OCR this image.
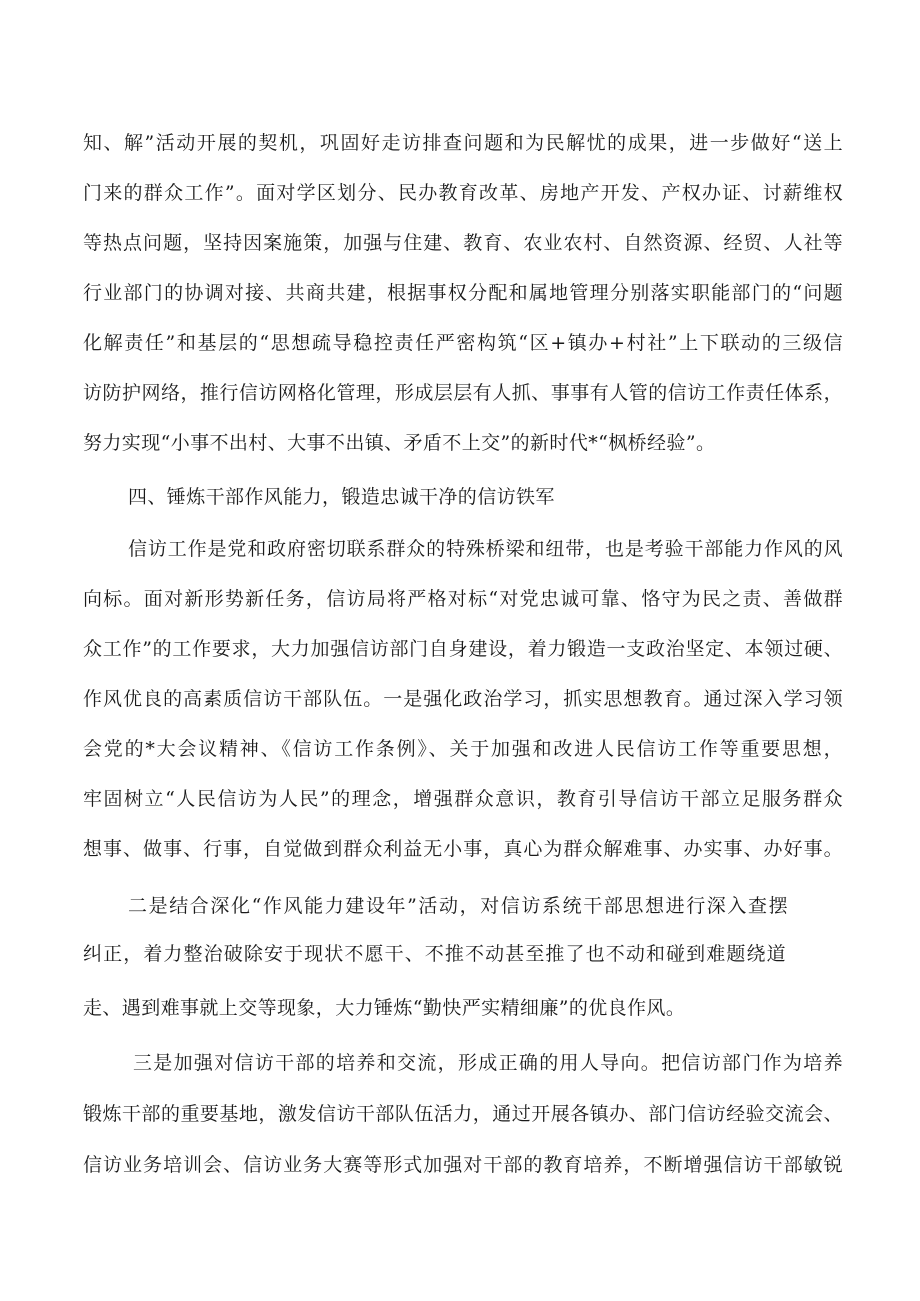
知、解”活动开展的契机，巩固好走访排查问题和为民解忧的成果，进一步做好“送上
门来的群众工作”。面对学区划分、民办教育改革、房地产开发、产权办证、讨薪维权
等热点问题，坚持因案施策，加强与住建、教育、农业农村、自然资源、经贸、人社等
行业部门的协调对接、共商共建，根据事权分配和属地管理分别落实职能部门的“问题
化解责任”和基层的“思想疏导稳控责任严密构筑“区+镇办+村社”上下联动的三级信
访防护网络，推行信访网格化管理，形成层层有人抓、事事有人管的信访工作责任体系，
努力实现“小事不出村、大事不出镇、矛盾不上交”的新时代*“枫桥经验”。
四、锤炼干部作风能力，锻造忠诚干净的信访铁军
信访工作是党和政府密切联系群众的特殊桥梁和纽带，也是考验干部能力作风的风
向标。面对新形势新任务，信访局将严格对标“对党忠诚可靠、恪守为民之责、善做群
众工作”的工作要求，大力加强信访部门自身建设，着力锻造一支政治坚定、本领过硬、
作风优良的高素质信访干部队伍。一是强化政治学习，抓实思想教育。通过深入学习领
会党的*大会议精神、《信访工作条例》、关于加强和改进人民信访工作等重要思想，
牢固树立“人民信访为人民”的理念，增强群众意识，教育引导信访干部立足服务群众
想事、做事、行事，自觉做到群众利益无小事，真心为群众解难事、办实事、办好事。
二是结合深化“作风能力建设年”活动，对信访系统干部思想进行深入查摆
纠正，着力整治破除安于现状不愿干、不推不动甚至推了也不动和碰到难题绕道
走、遇到难事就上交等现象，大力锤炼“勤快严实精细廉”的优良作风。
三是加强对信访干部的培养和交流，形成正确的用人导向。把信访部门作为培养
锻炼干部的重要基地，激发信访干部队伍活力，通过开展各镇办、部门信访经验交流会、
信访业务培训会、信访业务大赛等形式加强对干部的教育培养，不断增强信访干部敏锐
